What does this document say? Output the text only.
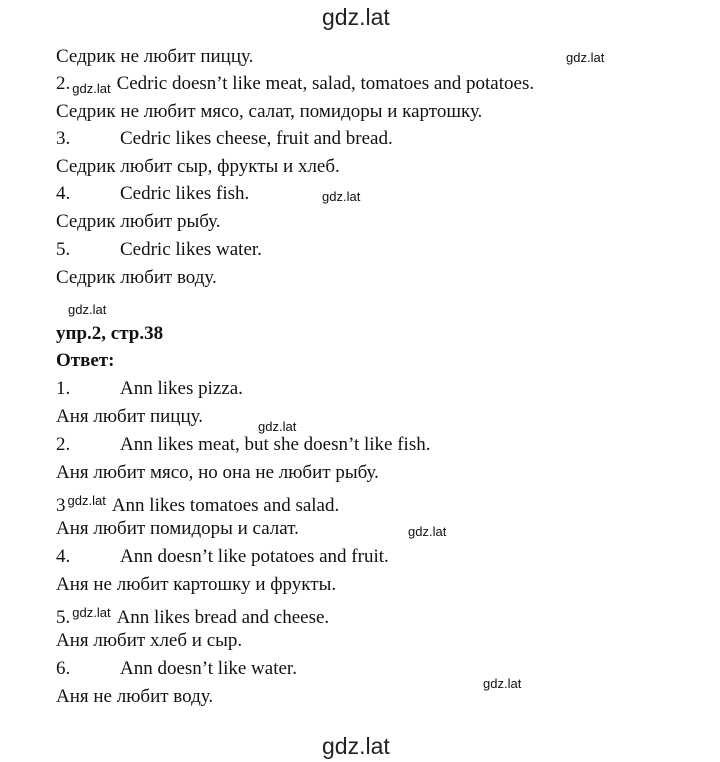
gdz.lat
gdz.lat
gdz.lat
gdz.lat
gdz.lat
gdz.lat
gdz.lat
gdz.lat
Седрик не любит пиццу.
2. $_{gdz.lat}$ Cedric doesn’t like meat, salad, tomatoes and potatoes.
Седрик не любит мясо, салат, помидоры и картошку.
3.	Cedric likes cheese, fruit and bread.
Седрик любит сыр, фрукты и хлеб.
4.	Cedric likes fish.
Седрик любит рыбу.
5.	Cedric likes water.
Седрик любит воду.
упр.2, стр.38
Ответ:
1.	Ann likes pizza.
Аня любит пиццу.
2.	Ann likes meat, but she doesn’t like fish.
Аня любит мясо, но она не любит рыбу.
3 $^{gdz.lat}$ Ann likes tomatoes and salad.
Аня любит помидоры и салат.
4.	Ann doesn’t like potatoes and fruit.
Аня не любит картошку и фрукты.
5. $^{gdz.lat}$ Ann likes bread and cheese.
Аня любит хлеб и сыр.
6.	Ann doesn’t like water.
Аня не любит воду.
